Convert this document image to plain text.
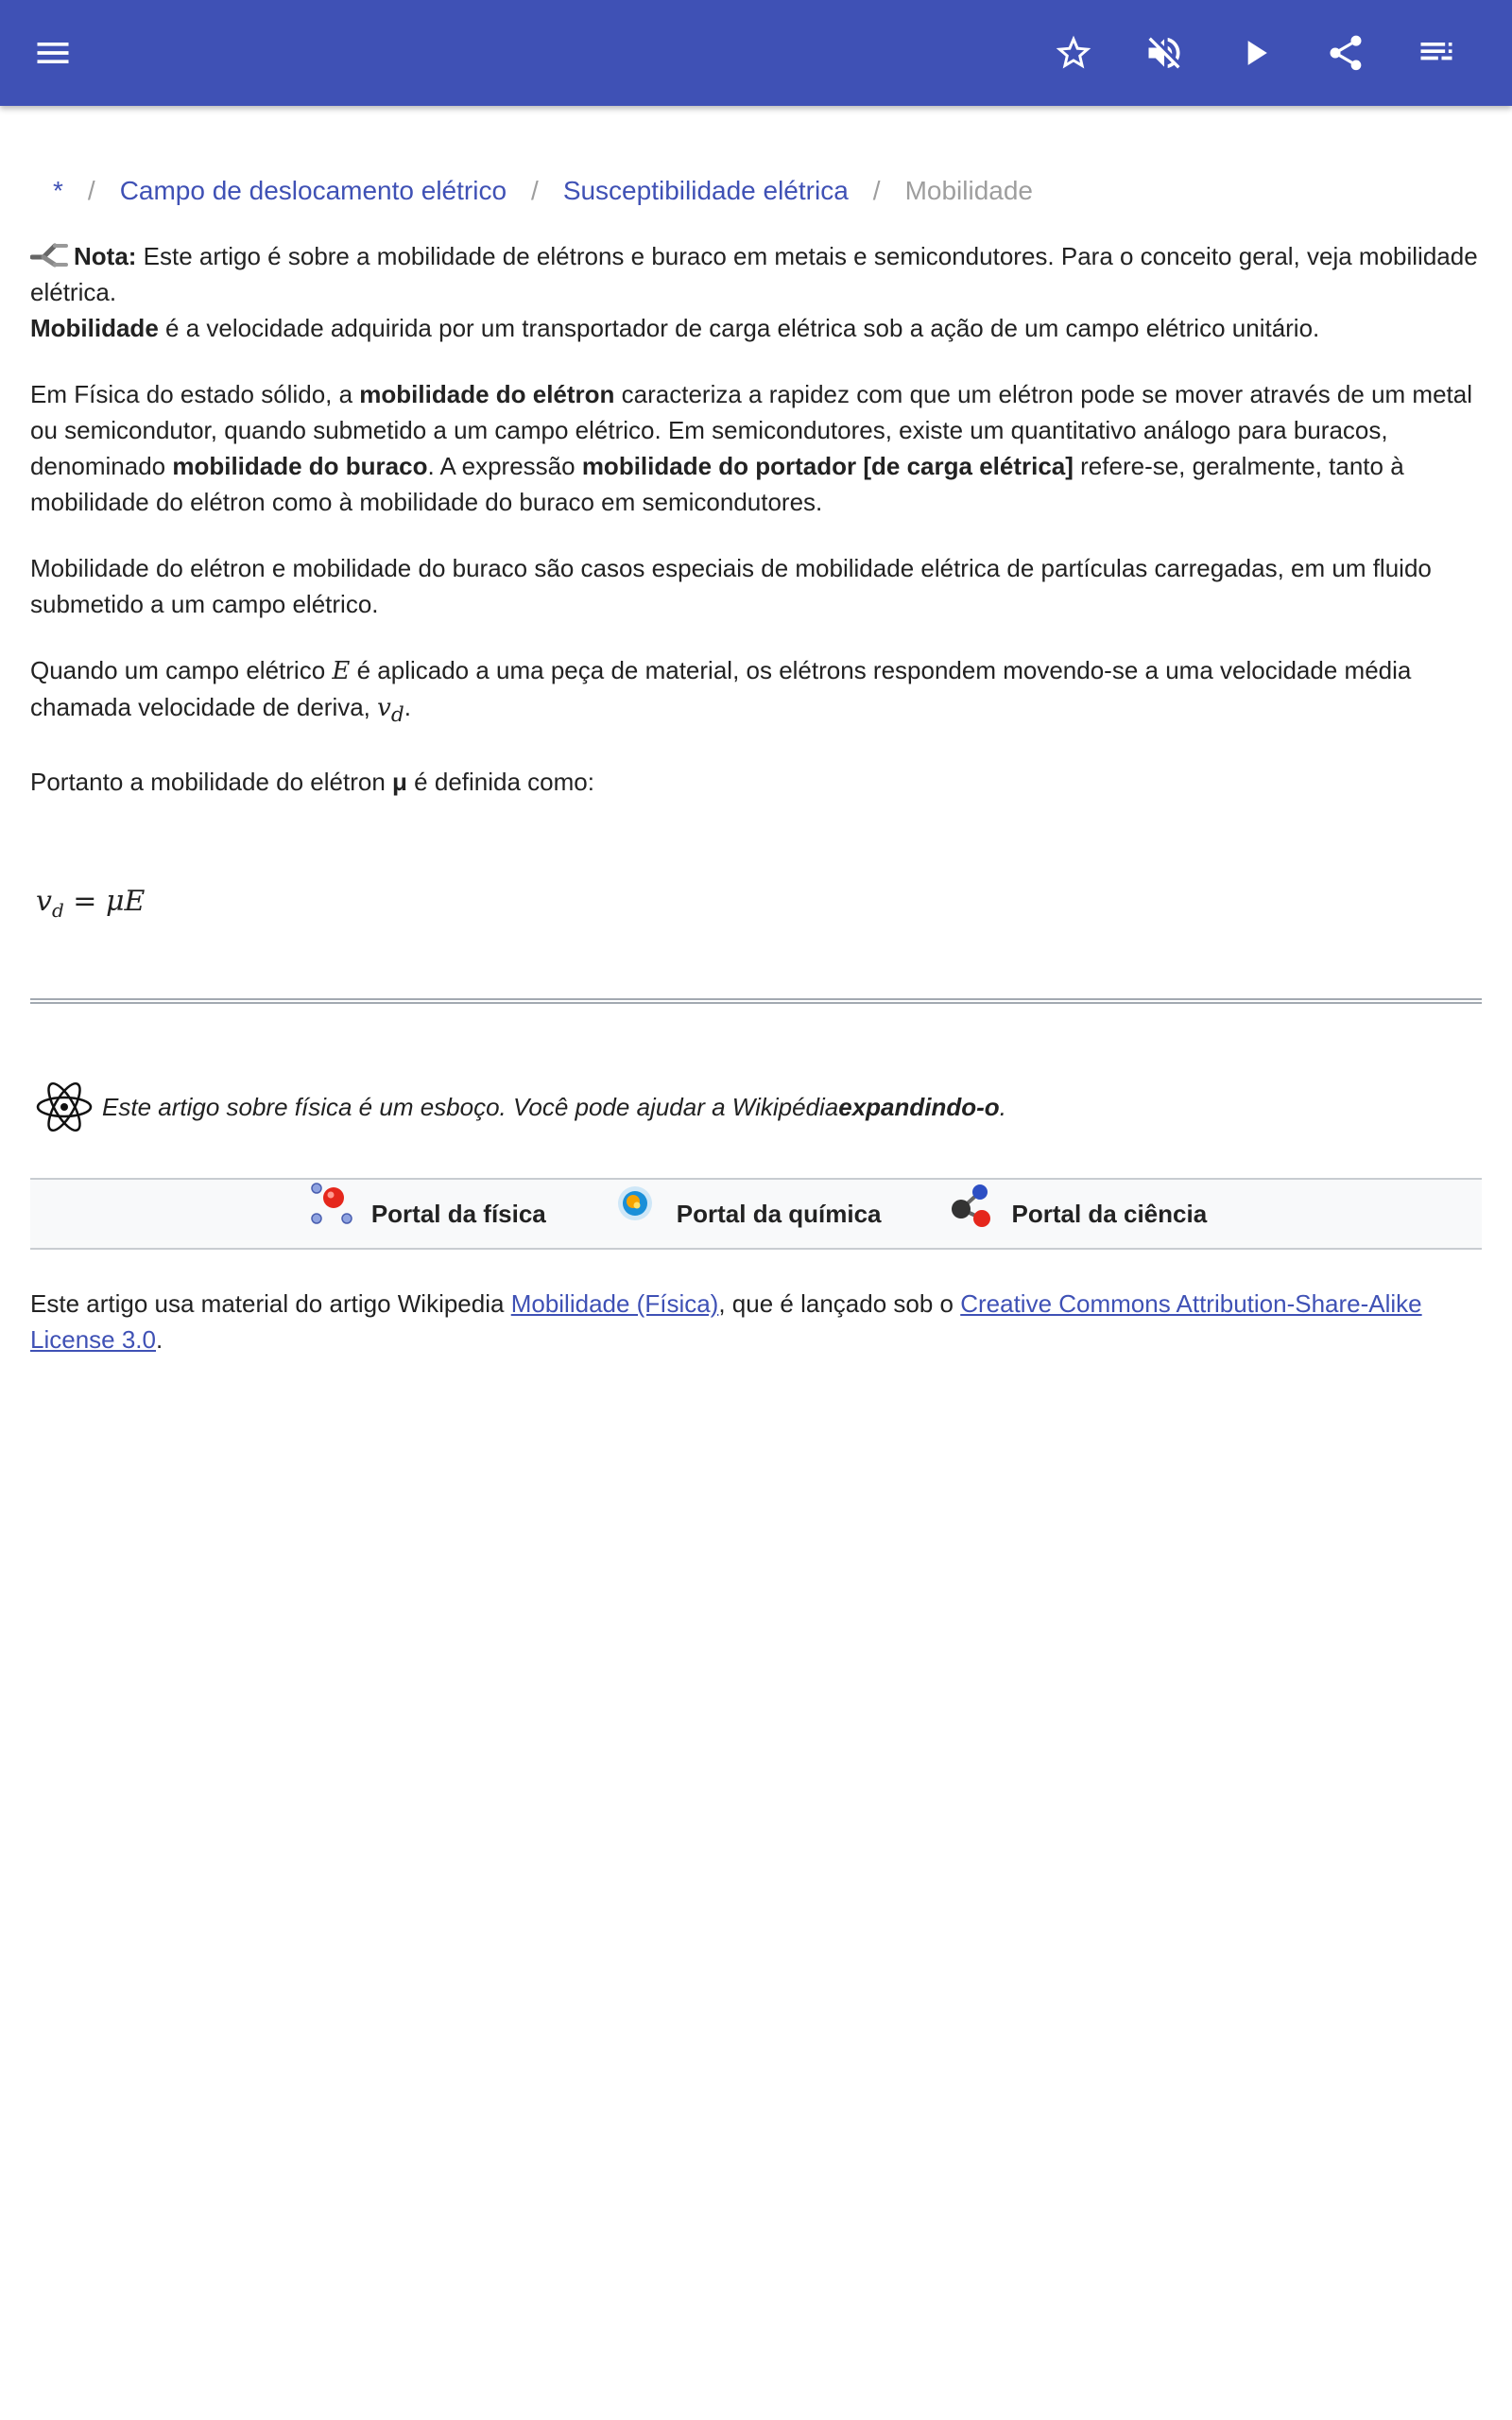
* / Campo de deslocamento elétrico / Susceptibilidade elétrica / Mobilidade

Nota: Este artigo é sobre a mobilidade de elétrons e buraco em metais e semicondutores. Para o conceito geral, veja mobilidade elétrica.

Mobilidade é a velocidade adquirida por um transportador de carga elétrica sob a ação de um campo elétrico unitário.

Em Física do estado sólido, a mobilidade do elétron caracteriza a rapidez com que um elétron pode se mover através de um metal ou semicondutor, quando submetido a um campo elétrico. Em semicondutores, existe um quantitativo análogo para buracos, denominado mobilidade do buraco. A expressão mobilidade do portador [de carga elétrica] refere-se, geralmente, tanto à mobilidade do elétron como à mobilidade do buraco em semicondutores.

Mobilidade do elétron e mobilidade do buraco são casos especiais de mobilidade elétrica de partículas carregadas, em um fluido submetido a um campo elétrico.

Quando um campo elétrico E é aplicado a uma peça de material, os elétrons respondem movendo-se a uma velocidade média chamada velocidade de deriva, $v_d$.

Portanto a mobilidade do elétron μ é definida como:

$v_d = \mu E$
Este artigo sobre física é um esboço. Você pode ajudar a Wikipédia expandindo-o .
Portal da física	Portal da química	Portal da ciência

Este artigo usa material do artigo Wikipedia Mobilidade (Física), que é lançado sob o Creative Commons Attribution-Share-Alike License 3.0.
